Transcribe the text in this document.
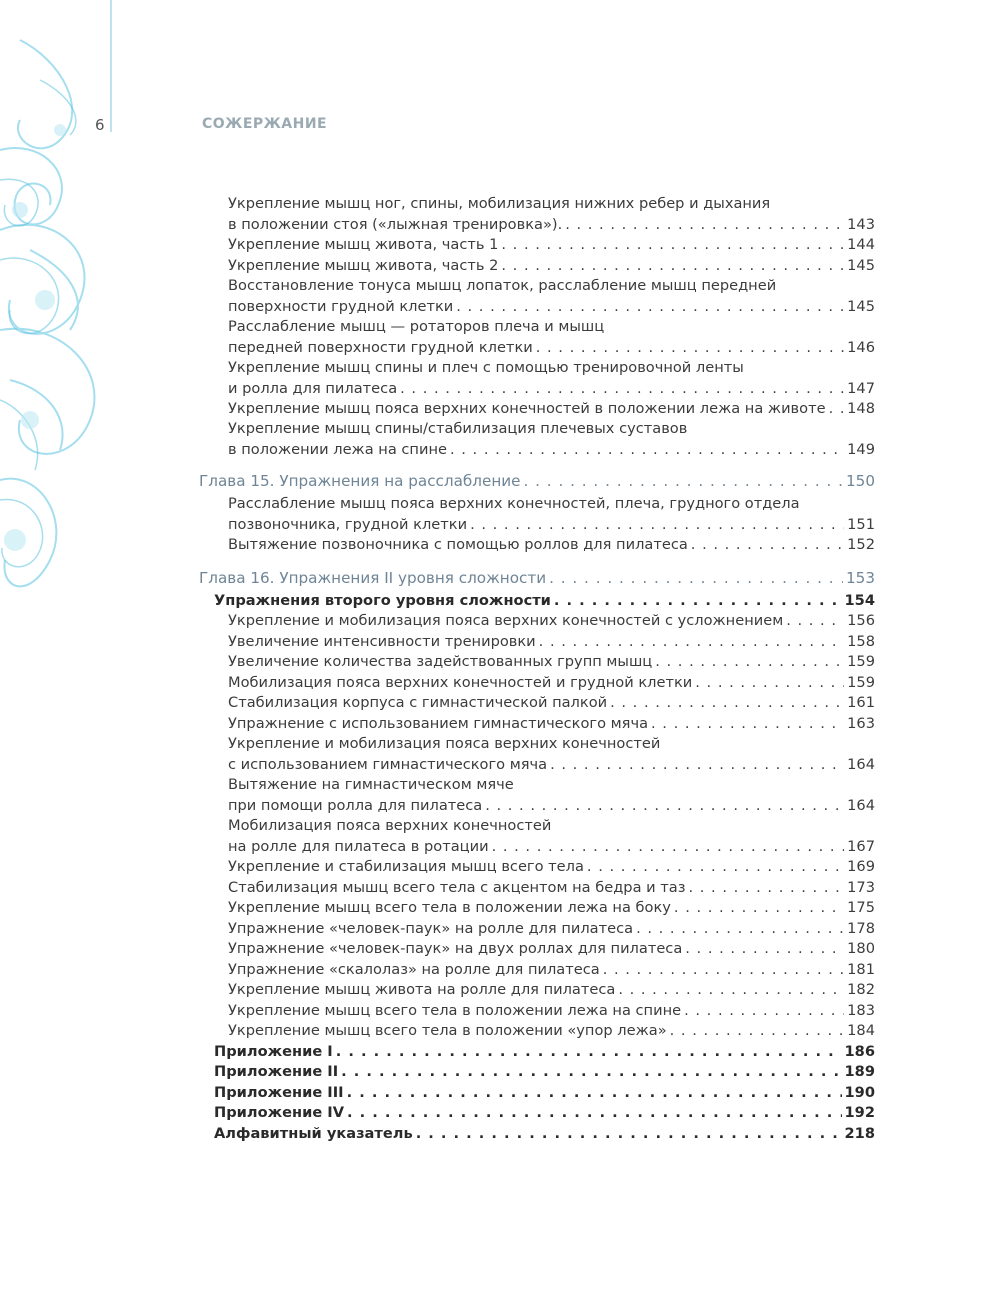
6	СОЖЕРЖАНИЕ
Укрепление мышц ног, спины, мобилизация нижних ребер и дыхания
в положении стоя («лыжная тренировка»). . . .	143
Укрепление мышц живота, часть 1 . . .	144
Укрепление мышц живота, часть 2 . . .	145
Восстановление тонуса мышц лопаток, расслабление мышц передней
поверхности грудной клетки . . .	145
Расслабление мышц — ротаторов плеча и мышц
передней поверхности грудной клетки . . .	146
Укрепление мышц спины и плеч с помощью тренировочной ленты
и ролла для пилатеса . . .	147
Укрепление мышц пояса верхних конечностей в положении лежа на животе . . . 148
Укрепление мышц спины/стабилизация плечевых суставов
в положении лежа на спине . . .	149
Глава 15. Упражнения на расслабление . . .	150
Расслабление мышц пояса верхних конечностей, плеча, грудного отдела
позвоночника, грудной клетки . . .	151
Вытяжение позвоночника с помощью роллов для пилатеса . . .	152
Глава 16. Упражнения II уровня сложности . . .	153
Упражнения второго уровня сложности . . .	154
Укрепление и мобилизация пояса верхних конечностей с усложнением . . .	156
Увеличение интенсивности тренировки . . .	158
Увеличение количества задействованных групп мышц . . .	159
Мобилизация пояса верхних конечностей и грудной клетки . . .	159
Стабилизация корпуса с гимнастической палкой . . .	161
Упражнение с использованием гимнастического мяча . . .	163
Укрепление и мобилизация пояса верхних конечностей
с использованием гимнастического мяча . . .	164
Вытяжение на гимнастическом мяче
при помощи ролла для пилатеса . . .	164
Мобилизация пояса верхних конечностей
на ролле для пилатеса в ротации . . .	167
Укрепление и стабилизация мышц всего тела . . .	169
Стабилизация мышц всего тела с акцентом на бедра и таз . . .	173
Укрепление мышц всего тела в положении лежа на боку . . .	175
Упражнение «человек-паук» на ролле для пилатеса . . .	178
Упражнение «человек-паук» на двух роллах для пилатеса . . .	180
Упражнение «скалолаз» на ролле для пилатеса . . .	181
Укрепление мышц живота на ролле для пилатеса . . .	182
Укрепление мышц всего тела в положении лежа на спине . . .	183
Укрепление мышц всего тела в положении «упор лежа» . . .	184
Приложение I . . .	186
Приложение II . . .	189
Приложение III . . .	190
Приложение IV . . .	192
Алфавитный указатель . . .	218
